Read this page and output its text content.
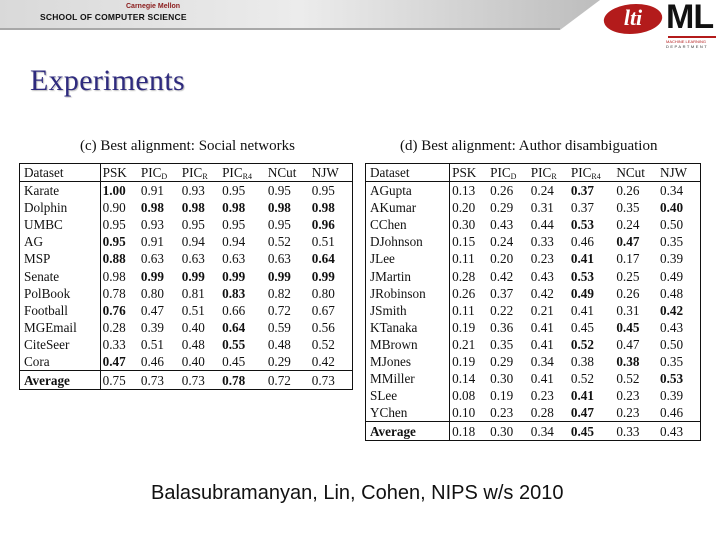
Carnegie Mellon
SCHOOL OF COMPUTER SCIENCE	lti ML
MACHINE LEARNING
DEPARTMENT
Experiments
(c) Best alignment: Social networks	(d) Best alignment: Author disambiguation
Dataset	PSK	$PIC_D$	$PIC_R$	$PIC_{R4}$	NCut	NJW
Karate	1.00	0.91	0.93	0.95	0.95	0.95
Dolphin	0.90	0.98	0.98	0.98	0.98	0.98
UMBC	0.95	0.93	0.95	0.95	0.95	0.96
AG	0.95	0.91	0.94	0.94	0.52	0.51
MSP	0.88	0.63	0.63	0.63	0.63	0.64
Senate	0.98	0.99	0.99	0.99	0.99	0.99
PolBook	0.78	0.80	0.81	0.83	0.82	0.80
Football	0.76	0.47	0.51	0.66	0.72	0.67
MGEmail	0.28	0.39	0.40	0.64	0.59	0.56
CiteSeer	0.33	0.51	0.48	0.55	0.48	0.52
Cora	0.47	0.46	0.40	0.45	0.29	0.42
Average	0.75	0.73	0.73	0.78	0.72	0.73
Dataset	PSK	$PIC_D$	$PIC_R$	$PIC_{R4}$	NCut	NJW
AGupta	0.13	0.26	0.24	0.37	0.26	0.34
AKumar	0.20	0.29	0.31	0.37	0.35	0.40
CChen	0.30	0.43	0.44	0.53	0.24	0.50
DJohnson	0.15	0.24	0.33	0.46	0.47	0.35
JLee	0.11	0.20	0.23	0.41	0.17	0.39
JMartin	0.28	0.42	0.43	0.53	0.25	0.49
JRobinson	0.26	0.37	0.42	0.49	0.26	0.48
JSmith	0.11	0.22	0.21	0.41	0.31	0.42
KTanaka	0.19	0.36	0.41	0.45	0.45	0.43
MBrown	0.21	0.35	0.41	0.52	0.47	0.50
MJones	0.19	0.29	0.34	0.38	0.38	0.35
MMiller	0.14	0.30	0.41	0.52	0.52	0.53
SLee	0.08	0.19	0.23	0.41	0.23	0.39
YChen	0.10	0.23	0.28	0.47	0.23	0.46
Average	0.18	0.30	0.34	0.45	0.33	0.43
Balasubramanyan, Lin, Cohen, NIPS w/s 2010
